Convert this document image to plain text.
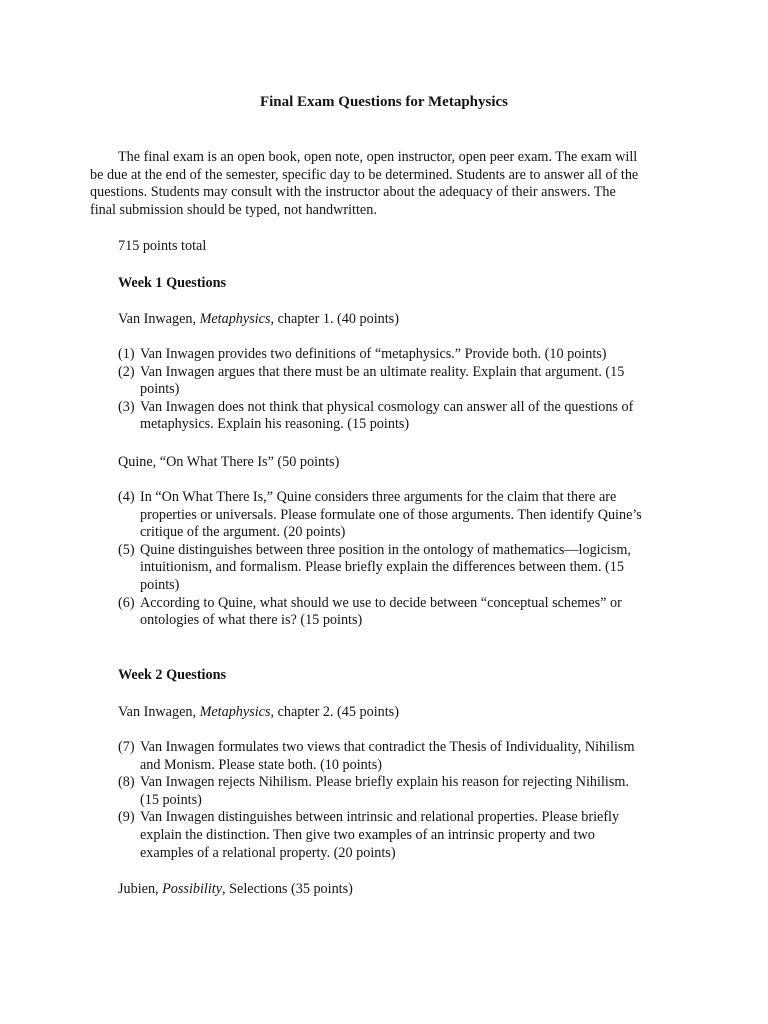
Final Exam Questions for Metaphysics
The final exam is an open book, open note, open instructor, open peer exam. The exam will
be due at the end of the semester, specific day to be determined. Students are to answer all of the
questions. Students may consult with the instructor about the adequacy of their answers. The
final submission should be typed, not handwritten.
715 points total
Week 1 Questions
Van Inwagen, Metaphysics, chapter 1. (40 points)
(1) Van Inwagen provides two definitions of “metaphysics.” Provide both. (10 points)
(2) Van Inwagen argues that there must be an ultimate reality. Explain that argument. (15
points)
(3) Van Inwagen does not think that physical cosmology can answer all of the questions of
metaphysics. Explain his reasoning. (15 points)
Quine, “On What There Is” (50 points)
(4) In “On What There Is,” Quine considers three arguments for the claim that there are
properties or universals. Please formulate one of those arguments. Then identify Quine’s
critique of the argument. (20 points)
(5) Quine distinguishes between three position in the ontology of mathematics—logicism,
intuitionism, and formalism. Please briefly explain the differences between them. (15
points)
(6) According to Quine, what should we use to decide between “conceptual schemes” or
ontologies of what there is? (15 points)
Week 2 Questions
Van Inwagen, Metaphysics, chapter 2. (45 points)
(7) Van Inwagen formulates two views that contradict the Thesis of Individuality, Nihilism
and Monism. Please state both. (10 points)
(8) Van Inwagen rejects Nihilism. Please briefly explain his reason for rejecting Nihilism.
(15 points)
(9) Van Inwagen distinguishes between intrinsic and relational properties. Please briefly
explain the distinction. Then give two examples of an intrinsic property and two
examples of a relational property. (20 points)
Jubien, Possibility, Selections (35 points)
